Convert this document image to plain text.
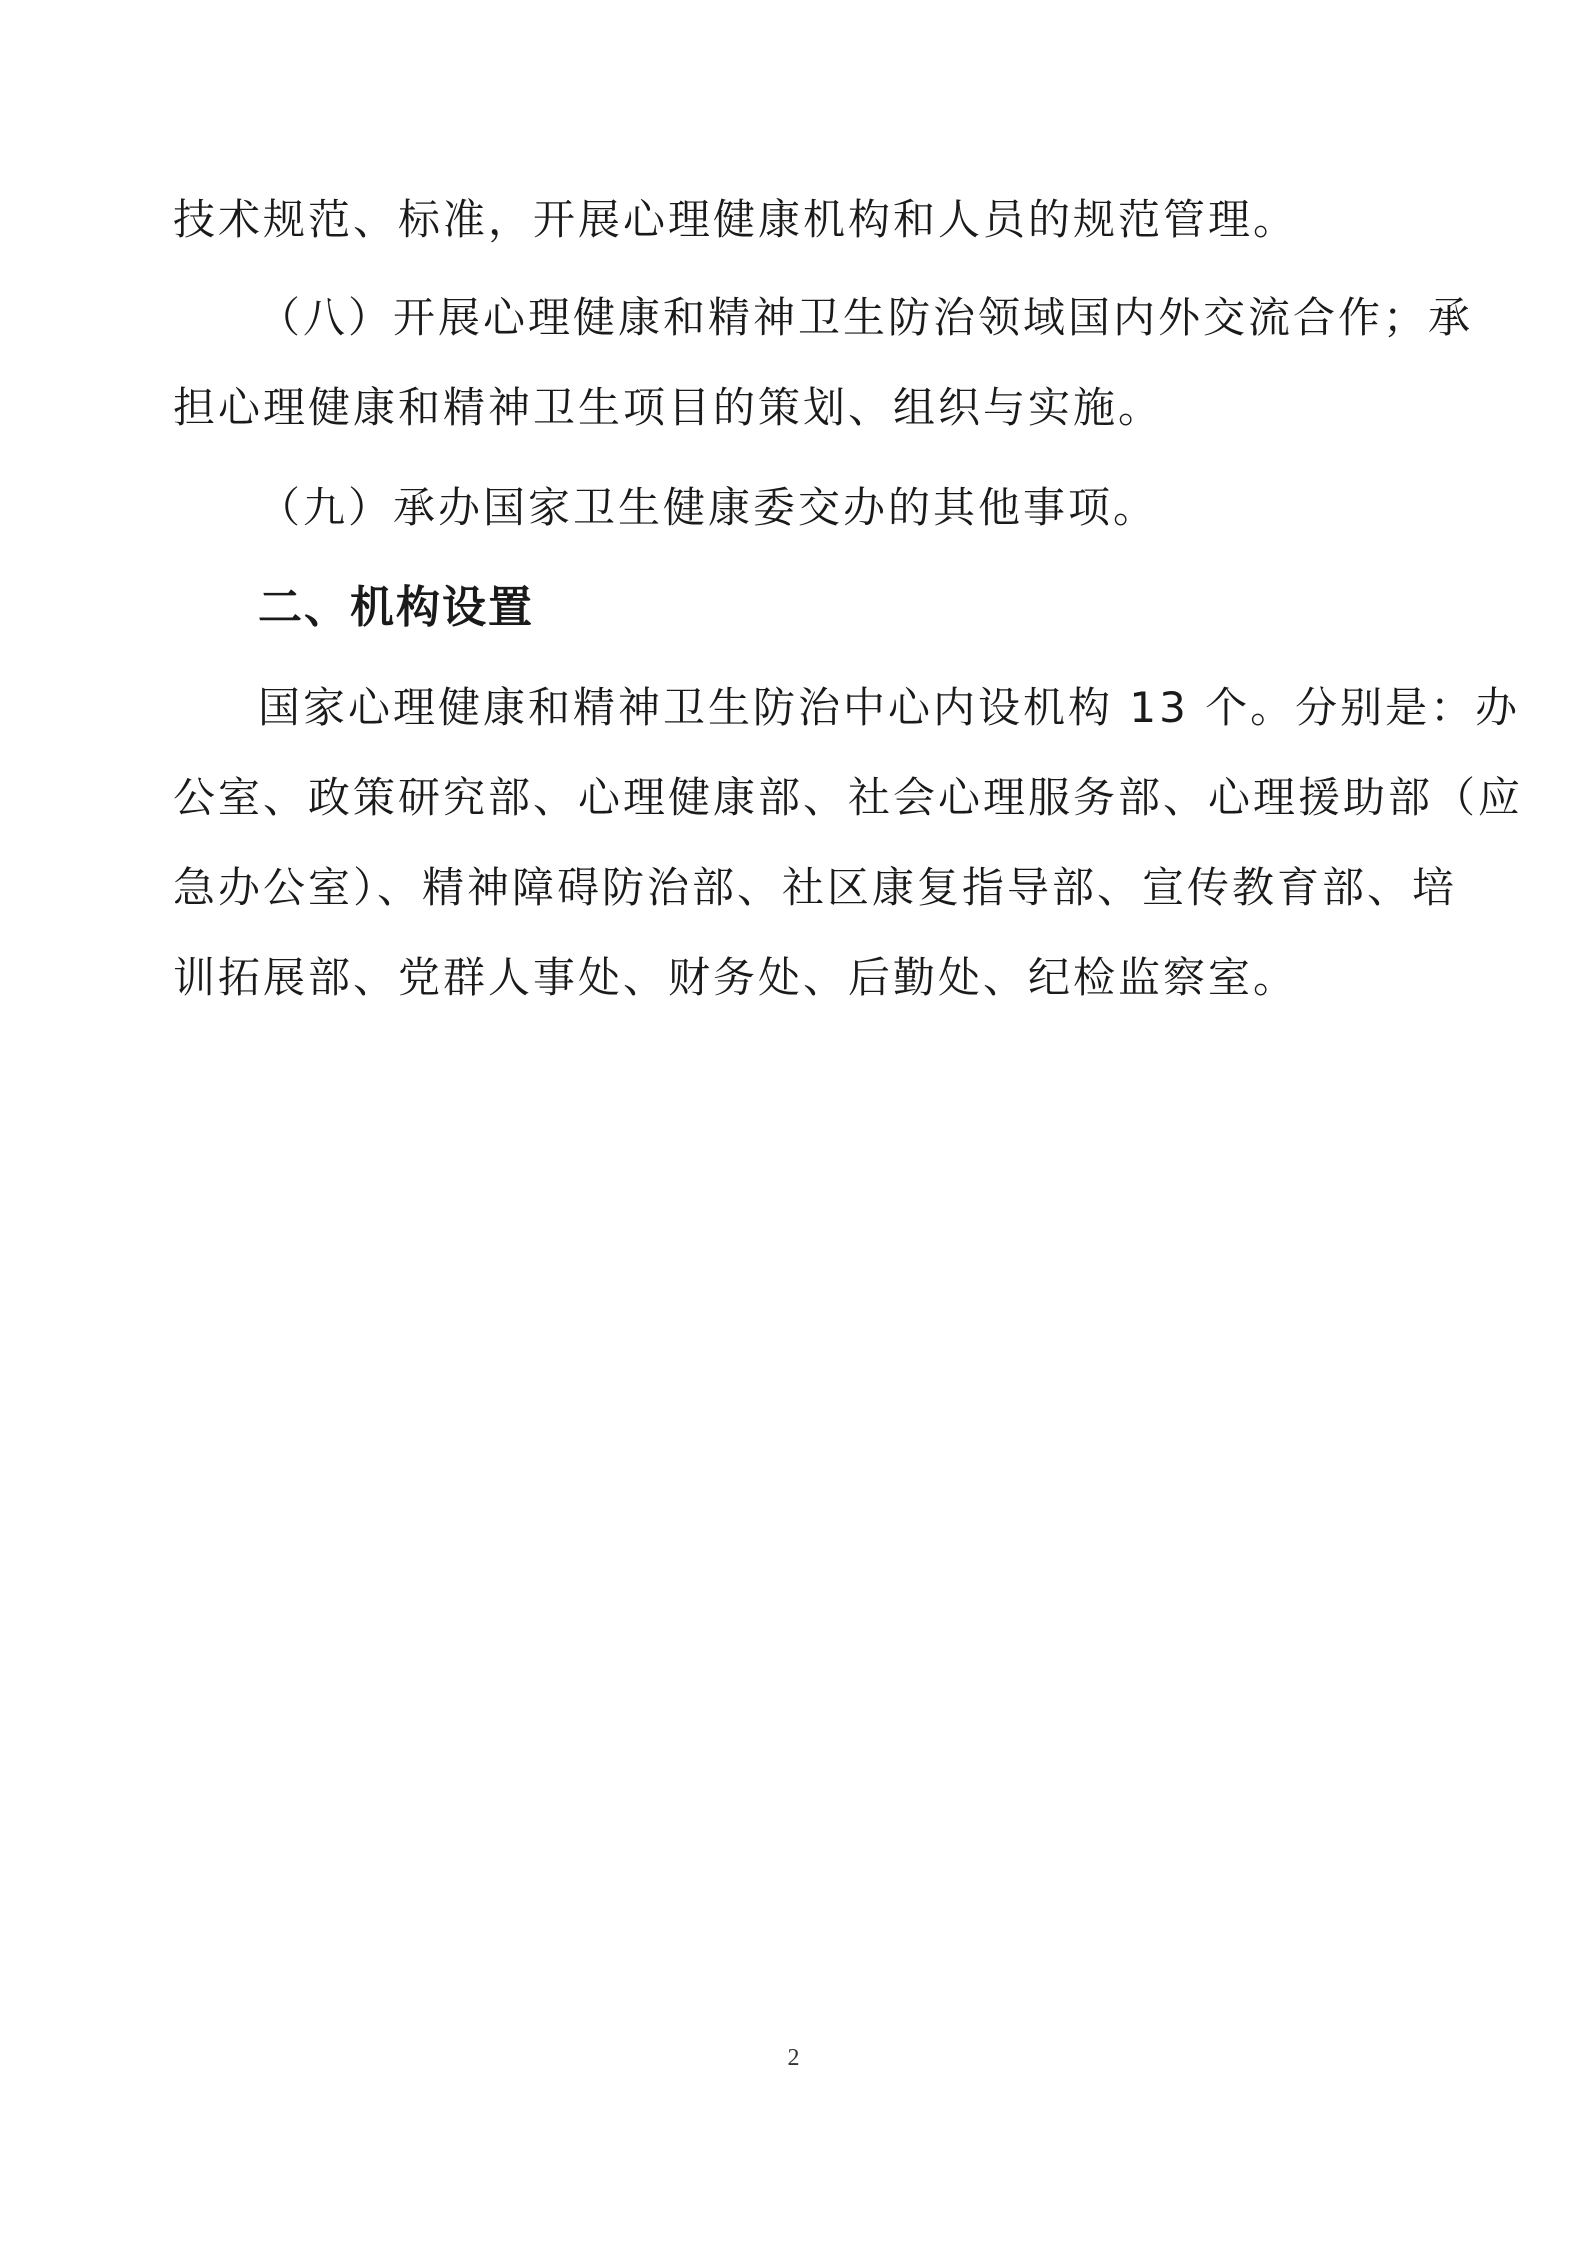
技术规范、标准，开展心理健康机构和人员的规范管理。
（八）开展心理健康和精神卫生防治领域国内外交流合作；承
担心理健康和精神卫生项目的策划、组织与实施。
（九）承办国家卫生健康委交办的其他事项。
二、机构设置
国家心理健康和精神卫生防治中心内设机构 13 个。分别是：办
公室、政策研究部、心理健康部、社会心理服务部、心理援助部（应
急办公室）、精神障碍防治部、社区康复指导部、宣传教育部、培
训拓展部、党群人事处、财务处、后勤处、纪检监察室。
2
